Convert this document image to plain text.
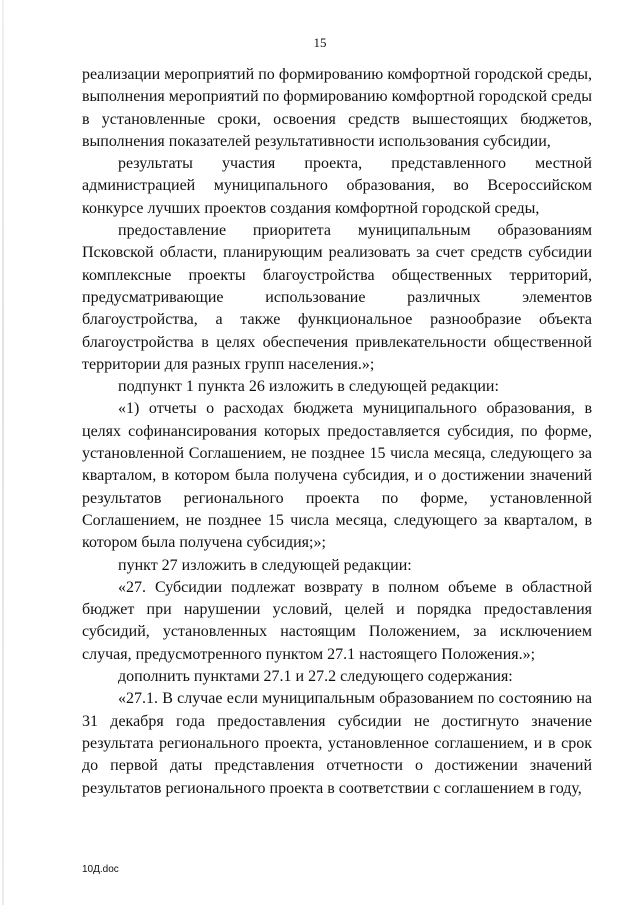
15

реализации мероприятий по формированию комфортной городской среды, выполнения мероприятий по формированию комфортной городской среды в установленные сроки, освоения средств вышестоящих бюджетов, выполнения показателей результативности использования субсидии,

результаты участия проекта, представленного местной администрацией муниципального образования, во Всероссийском конкурсе лучших проектов создания комфортной городской среды,

предоставление приоритета муниципальным образованиям Псковской области, планирующим реализовать за счет средств субсидии комплексные проекты благоустройства общественных территорий, предусматривающие использование различных элементов благоустройства, а также функциональное разнообразие объекта благоустройства в целях обеспечения привлекательности общественной территории для разных групп населения.»;

подпункт 1 пункта 26 изложить в следующей редакции:

«1) отчеты о расходах бюджета муниципального образования, в целях софинансирования которых предоставляется субсидия, по форме, установленной Соглашением, не позднее 15 числа месяца, следующего за кварталом, в котором была получена субсидия, и о достижении значений результатов регионального проекта по форме, установленной Соглашением, не позднее 15 числа месяца, следующего за кварталом, в котором была получена субсидия;»;

пункт 27 изложить в следующей редакции:

«27. Субсидии подлежат возврату в полном объеме в областной бюджет при нарушении условий, целей и порядка предоставления субсидий, установленных настоящим Положением, за исключением случая, предусмотренного пунктом 27.1 настоящего Положения.»;

дополнить пунктами 27.1 и 27.2 следующего содержания:

«27.1. В случае если муниципальным образованием по состоянию на 31 декабря года предоставления субсидии не достигнуто значение результата регионального проекта, установленное соглашением, и в срок до первой даты представления отчетности о достижении значений результатов регионального проекта в соответствии с соглашением в году,

10Д.doc
